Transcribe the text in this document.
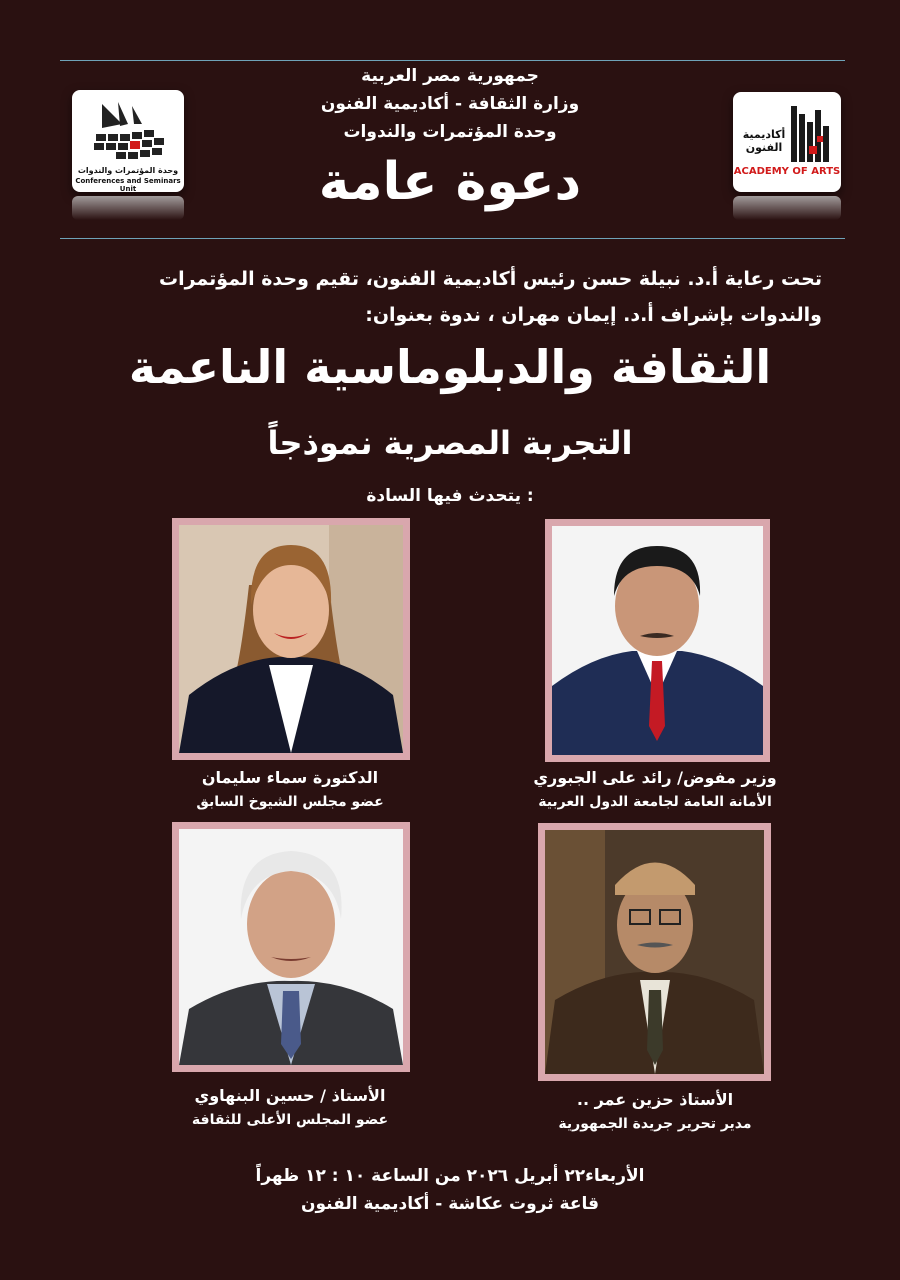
وحدة المؤتمرات والندوات
Conferences and Seminars Unit
أكاديمية الفنون
ACADEMY OF ARTS
جمهورية مصر العربية
وزارة الثقافة - أكاديمية الفنون
وحدة المؤتمرات والندوات
دعوة عامة
تحت رعاية أ.د. نبيلة حسن رئيس أكاديمية الفنون، تقيم وحدة المؤتمرات
والندوات بإشراف أ.د. إيمان مهران ، ندوة بعنوان:
الثقافة والدبلوماسية الناعمة
التجربة المصرية نموذجاً
يتحدث فيها السادة :
وزير مفوض/ رائد على الجبوري
الأمانة العامة لجامعة الدول العربية
الدكتورة سماء سليمان
عضو مجلس الشيوخ السابق
الأستاذ حزين عمر ..
مدير تحرير جريدة الجمهورية
الأستاذ / حسين البنهاوي
عضو المجلس الأعلى للثقافة
الأربعاء٢٢ أبريل ٢٠٢٦ من الساعة ١٠ : ١٢ ظهراً
قاعة ثروت عكاشة - أكاديمية الفنون
